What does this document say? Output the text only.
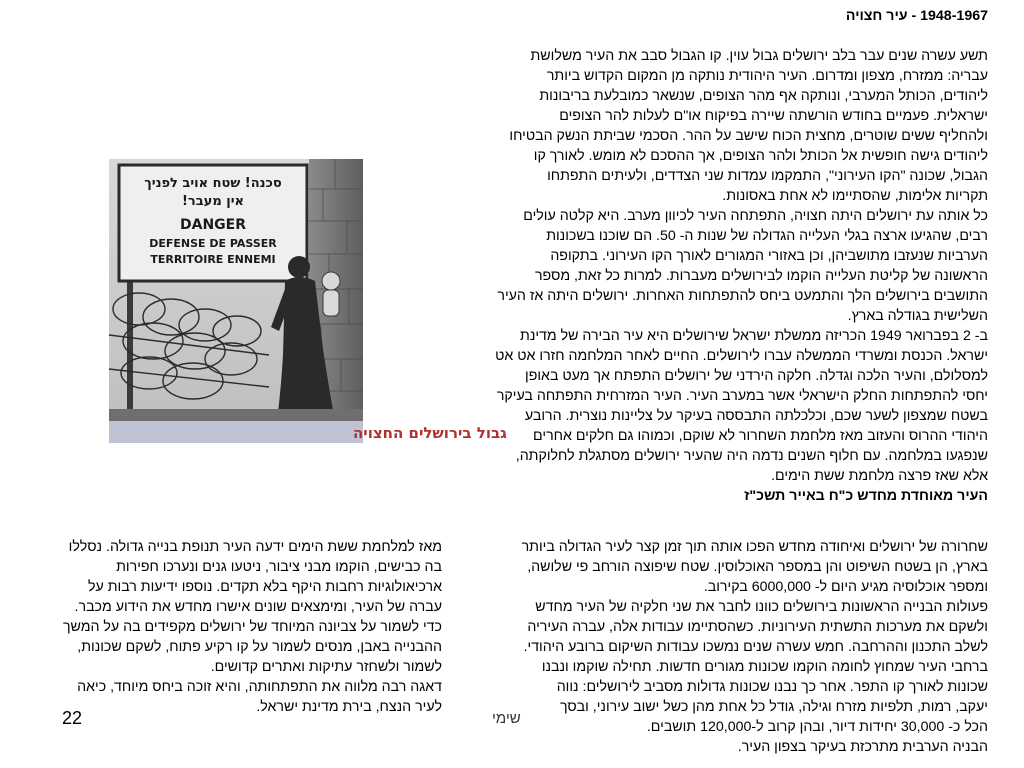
1948-1967 - עיר חצויה

תשע עשרה שנים עבר בלב ירושלים גבול עוין. קו הגבול סבב את העיר משלושת
עבריה: ממזרח, מצפון ומדרום. העיר היהודית נותקה מן המקום הקדוש ביותר
ליהודים, הכותל המערבי, ונותקה אף מהר הצופים, שנשאר כמובלעת בריבונות
ישראלית. פעמיים בחודש הורשתה שיירה בפיקוח או"ם לעלות להר הצופים
ולהחליף ששים שוטרים, מחצית הכוח שישב על ההר. הסכמי שביתת הנשק הבטיחו
ליהודים גישה חופשית אל הכותל ולהר הצופים, אך ההסכם לא מומש. לאורך קו
הגבול, שכונה "הקו העירוני", התמקמו עמדות שני הצדדים, ולעיתים התפתחו
תקריות אלימות, שהסתיימו לא אחת באסונות.
כל אותה עת ירושלים היתה חצויה, התפתחה העיר לכיוון מערב. היא קלטה עולים
רבים, שהגיעו ארצה בגלי העלייה הגדולה של שנות ה- 50. הם שוכנו בשכונות
הערביות שנעזבו מתושביהן, וכן באזורי המגורים לאורך הקו העירוני. בתקופה
הראשונה של קליטת העלייה הוקמו לבירושלים מעברות. למרות כל זאת, מספר
התושבים בירושלים הלך והתמעט ביחס להתפתחות האחרות. ירושלים היתה אז העיר
השלישית בגודלה בארץ.
ב- 2 בפברואר 1949 הכריזה ממשלת ישראל שירושלים היא עיר הבירה של מדינת
ישראל. הכנסת ומשרדי הממשלה עברו לירושלים. החיים לאחר המלחמה חזרו אט אט
למסלולם, והעיר הלכה וגדלה. חלקה הירדני של ירושלים התפתח אך מעט באופן
יחסי להתפתחות החלק הישראלי אשר במערב העיר. העיר המזרחית התפתחה בעיקר
בשטח שמצפון לשער שכם, וכלכלתה התבססה בעיקר על צליינות נוצרית. הרובע
היהודי ההרוס והעזוב מאז מלחמת השחרור לא שוקם, וכמוהו גם חלקים אחרים
שנפגעו במלחמה. עם חלוף השנים נדמה היה שהעיר ירושלים מסתגלת לחלוקתה,
אלא שאז פרצה מלחמת ששת הימים.
העיר מאוחדת מחדש כ"ח באייר תשכ"ז
סכנה! שטח אויב לפניך
אין מעבר!
DANGER
DEFENSE DE PASSER
TERRITOIRE ENNEMI
גבול בירושלים החצויה
שחרורה של ירושלים ואיחודה מחדש הפכו אותה תוך זמן קצר לעיר הגדולה ביותר
בארץ, הן בשטח השיפוט והן במספר האוכלוסין. שטח שיפוצה הורחב פי שלושה,
ומספר אוכלוסיה מגיע היום ל- 6000,000 בקירוב.
פעולות הבנייה הראשונות בירושלים כוונו לחבר את שני חלקיה של העיר מחדש
ולשקם את מערכות התשתית העירוניות. כשהסתיימו עבודות אלה, עברה העיריה
לשלב התכנון וההרחבה. חמש עשרה שנים נמשכו עבודות השיקום ברובע היהודי.
ברחבי העיר שמחוץ לחומה הוקמו שכונות מגורים חדשות. תחילה שוקמו ונבנו
שכונות לאורך קו התפר. אחר כך נבנו שכונות גדולות מסביב לירושלים: נווה
יעקב, רמות, תלפיות מזרח וגילה, גודל כל אחת מהן כשל ישוב עירוני, ובסך
הכל כ- 30,000 יחידות דיור, ובהן קרוב ל-120,000 תושבים.
הבניה הערבית מתרכזת בעיקר בצפון העיר.
מאז למלחמת ששת הימים ידעה העיר תנופת בנייה גדולה. נסללו
בה כבישים, הוקמו מבני ציבור, ניטעו גנים ונערכו חפירות
ארכיאולוגיות רחבות היקף בלא תקדים. נוספו ידיעות רבות על
עברה של העיר, ומימצאים שונים אישרו מחדש את הידוע מכבר.
כדי לשמור על צביונה המיוחד של ירושלים מקפידים בה על המשך
ההבנייה באבן, מנסים לשמור על קו רקיע פתוח, לשקם שכונות,
לשמור ולשחזר עתיקות ואתרים קדושים.
דאגה רבה מלווה את התפתחותה, והיא זוכה ביחס מיוחד, כיאה
לעיר הנצח, בירת מדינת ישראל.
22	שימי
